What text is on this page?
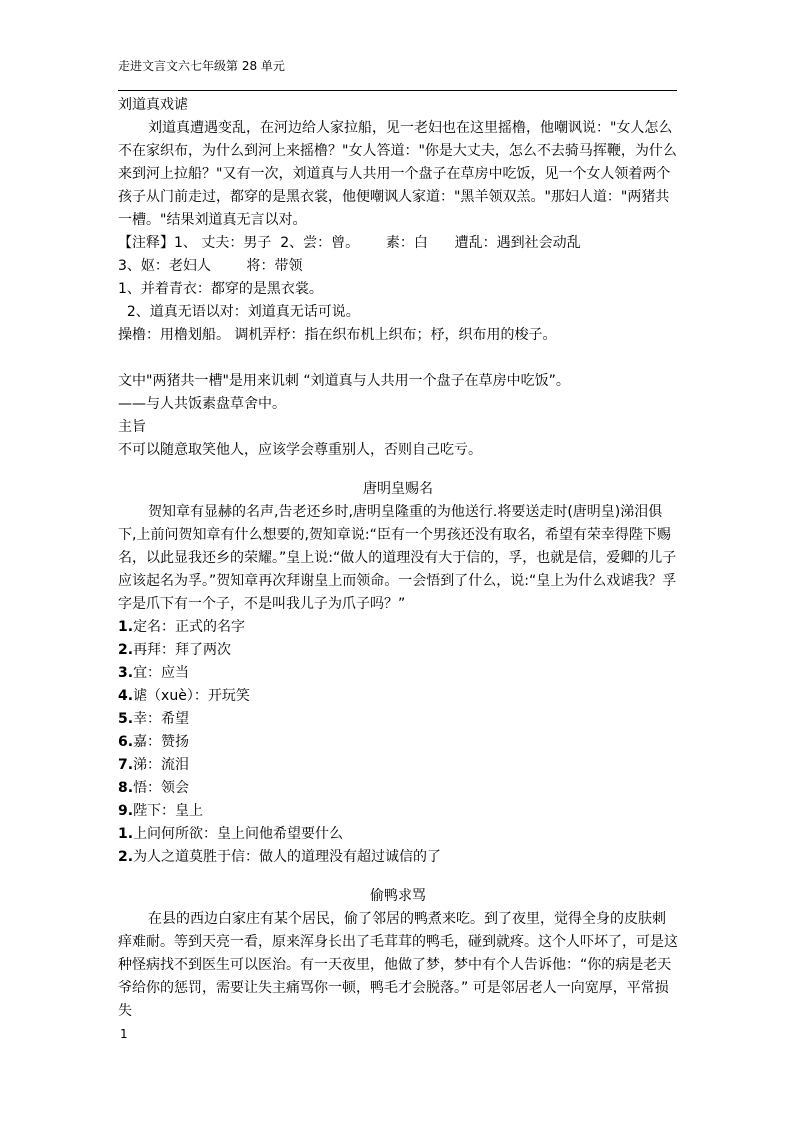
走进文言文六七年级第 28 单元

刘道真戏谑

刘道真遭遇变乱，在河边给人家拉船，见一老妇也在这里摇橹，他嘲讽说："女人怎么不在家织布，为什么到河上来摇橹？"女人答道："你是大丈夫，怎么不去骑马挥鞭，为什么来到河上拉船？"又有一次，刘道真与人共用一个盘子在草房中吃饭，见一个女人领着两个孩子从门前走过，都穿的是黑衣裳，他便嘲讽人家道："黑羊领双羔。"那妇人道："两猪共一槽。"结果刘道真无言以对。

【注释】1、 丈夫：男子  2、尝：曾。      素：白      遭乱：遇到社会动乱

3、妪：老妇人        将：带领

1、并着青衣：都穿的是黑衣裳。

2、道真无语以对：刘道真无话可说。

操橹：用橹划船。 调机弄杼：指在织布机上织布；杼，织布用的梭子。

文中"两猪共一槽"是用来讥刺 “刘道真与人共用一个盘子在草房中吃饭”。

——与人共饭素盘草舍中。

主旨

不可以随意取笑他人，应该学会尊重别人，否则自己吃亏。

唐明皇赐名

贺知章有显赫的名声,告老还乡时,唐明皇隆重的为他送行.将要送走时(唐明皇)涕泪俱下,上前问贺知章有什么想要的,贺知章说:“臣有一个男孩还没有取名，希望有荣幸得陛下赐名，以此显我还乡的荣耀。”皇上说:“做人的道理没有大于信的，孚，也就是信，爱卿的儿子应该起名为孚。”贺知章再次拜谢皇上而领命。一会悟到了什么，说:“皇上为什么戏谑我？孚字是爪下有一个子，不是叫我儿子为爪子吗？”

1.定名：正式的名字

2.再拜：拜了两次

3.宜：应当

4.谑（xuè）：开玩笑

5.幸：希望

6.嘉：赞扬

7.涕：流泪

8.悟：领会

9.陛下：皇上

1.上问何所欲：皇上问他希望要什么

2.为人之道莫胜于信：做人的道理没有超过诚信的了

偷鸭求骂

在县的西边白家庄有某个居民，偷了邻居的鸭煮来吃。到了夜里，觉得全身的皮肤刺痒难耐。等到天亮一看，原来浑身长出了毛茸茸的鸭毛，碰到就疼。这个人吓坏了，可是这种怪病找不到医生可以医治。有一天夜里，他做了梦，梦中有个人告诉他：“你的病是老天爷给你的惩罚，需要让失主痛骂你一顿，鸭毛才会脱落。” 可是邻居老人一向宽厚，平常损失

1
